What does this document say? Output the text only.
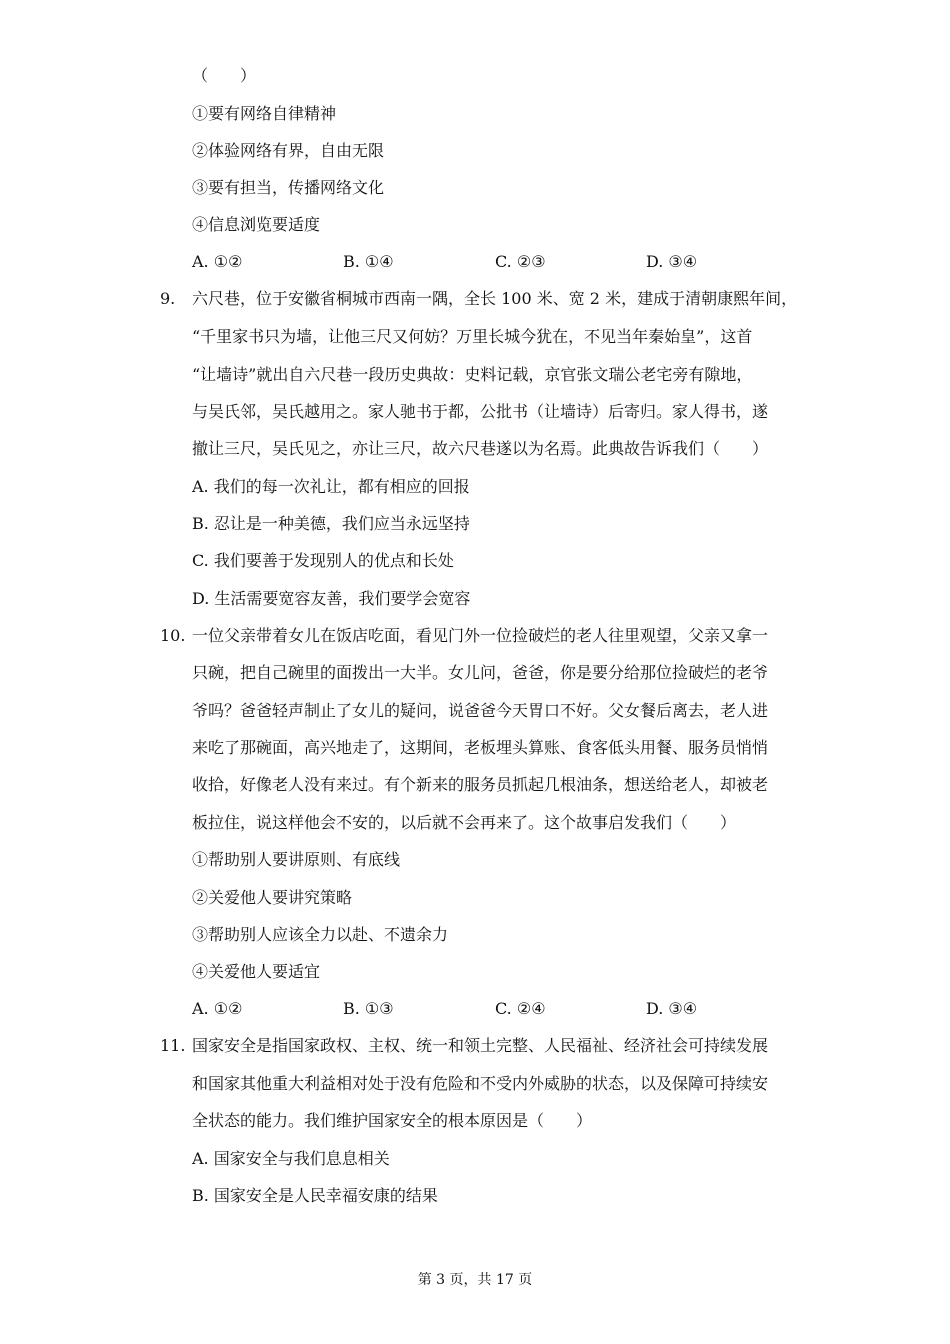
（　　）
①要有网络自律精神
②体验网络有界，自由无限
③要有担当，传播网络文化
④信息浏览要适度
A. ①②	B. ①④	C. ②③	D. ③④
9. 六尺巷，位于安徽省桐城市西南一隅，全长 100 米、宽 2 米，建成于清朝康熙年间，
“千里家书只为墙，让他三尺又何妨？万里长城今犹在，不见当年秦始皇”，这首
“让墙诗”就出自六尺巷一段历史典故：史料记载，京官张文瑞公老宅旁有隙地，
与吴氏邻，吴氏越用之。家人驰书于都，公批书（让墙诗）后寄归。家人得书，遂
撤让三尺，吴氏见之，亦让三尺，故六尺巷遂以为名焉。此典故告诉我们（　　）
A. 我们的每一次礼让，都有相应的回报
B. 忍让是一种美德，我们应当永远坚持
C. 我们要善于发现别人的优点和长处
D. 生活需要宽容友善，我们要学会宽容
10. 一位父亲带着女儿在饭店吃面，看见门外一位捡破烂的老人往里观望，父亲又拿一
只碗，把自己碗里的面拨出一大半。女儿问，爸爸，你是要分给那位捡破烂的老爷
爷吗？爸爸轻声制止了女儿的疑问，说爸爸今天胃口不好。父女餐后离去，老人进
来吃了那碗面，高兴地走了，这期间，老板埋头算账、食客低头用餐、服务员悄悄
收拾，好像老人没有来过。有个新来的服务员抓起几根油条，想送给老人，却被老
板拉住，说这样他会不安的，以后就不会再来了。这个故事启发我们（　　）
①帮助别人要讲原则、有底线
②关爱他人要讲究策略
③帮助别人应该全力以赴、不遗余力
④关爱他人要适宜
A. ①②	B. ①③	C. ②④	D. ③④
11. 国家安全是指国家政权、主权、统一和领土完整、人民福祉、经济社会可持续发展
和国家其他重大利益相对处于没有危险和不受内外威胁的状态，以及保障可持续安
全状态的能力。我们维护国家安全的根本原因是（　　）
A. 国家安全与我们息息相关
B. 国家安全是人民幸福安康的结果
第 3 页，共 17 页
